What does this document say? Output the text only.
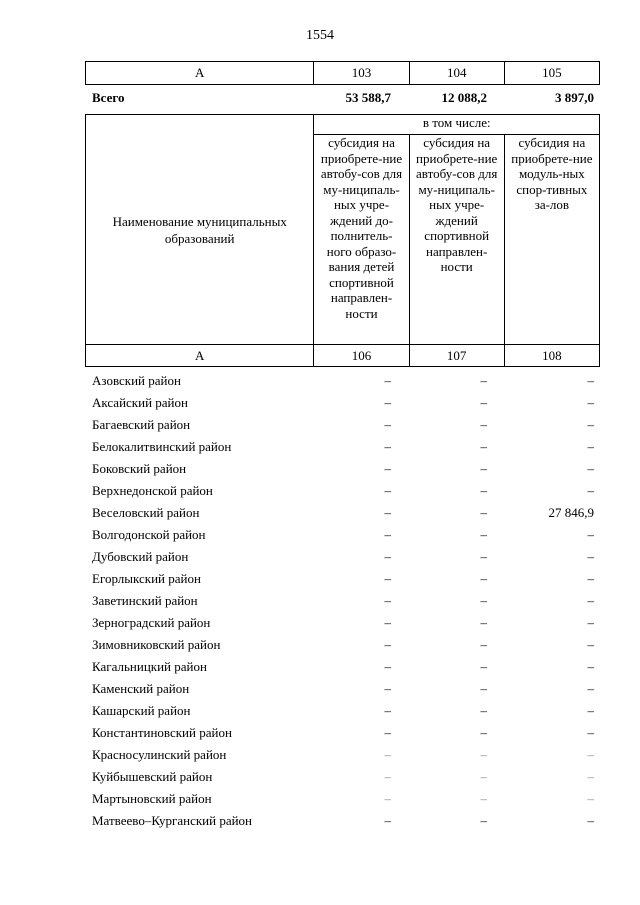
1554
А	103	104	105
Всего	53 588,7	12 088,2	3 897,0
Наименование муниципальных образований	в том числе:		
	субсидия на приобрете-ние автобу-сов для му-ниципаль-ных учре-ждений до-полнитель-ного образо-вания детей спортивной направлен-ности	субсидия на приобрете-ние автобу-сов для му-ниципаль-ных учре-ждений спортивной направлен-ности	субсидия на приобрете-ние модуль-ных спор-тивных за-лов
А	106	107	108
Азовский район	–	–	–
Аксайский район	–	–	–
Багаевский район	–	–	–
Белокалитвинский район	–	–	–
Боковский район	–	–	–
Верхнедонской район	–	–	–
Веселовский район	–	–	27 846,9
Волгодонской район	–	–	–
Дубовский район	–	–	–
Егорлыкский район	–	–	–
Заветинский район	–	–	–
Зерноградский район	–	–	–
Зимовниковский район	–	–	–
Кагальницкий район	–	–	–
Каменский район	–	–	–
Кашарский район	–	–	–
Константиновский район	–	–	–
Красносулинский район	–	–	–
Куйбышевский район	–	–	–
Мартыновский район	–	–	–
Матвеево–Курганский район	–	–	–
